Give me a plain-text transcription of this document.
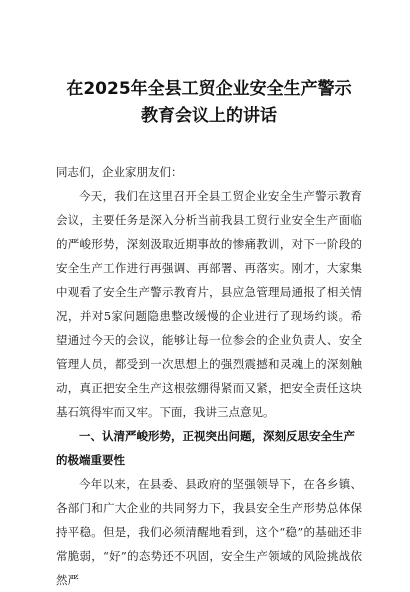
在2025年全县工贸企业安全生产警示教育会议上的讲话

同志们，企业家朋友们：

今天，我们在这里召开全县工贸企业安全生产警示教育会议，主要任务是深入分析当前我县工贸行业安全生产面临的严峻形势，深刻汲取近期事故的惨痛教训，对下一阶段的安全生产工作进行再强调、再部署、再落实。刚才，大家集中观看了安全生产警示教育片，县应急管理局通报了相关情况，并对5家问题隐患整改缓慢的企业进行了现场约谈。希望通过今天的会议，能够让每一位参会的企业负责人、安全管理人员，都受到一次思想上的强烈震撼和灵魂上的深刻触动，真正把安全生产这根弦绷得紧而又紧，把安全责任这块基石筑得牢而又牢。下面，我讲三点意见。

一、认清严峻形势，正视突出问题，深刻反思安全生产的极端重要性

今年以来，在县委、县政府的坚强领导下，在各乡镇、各部门和广大企业的共同努力下，我县安全生产形势总体保持平稳。但是，我们必须清醒地看到，这个“稳”的基础还非常脆弱，“好”的态势还不巩固，安全生产领域的风险挑战依然严
